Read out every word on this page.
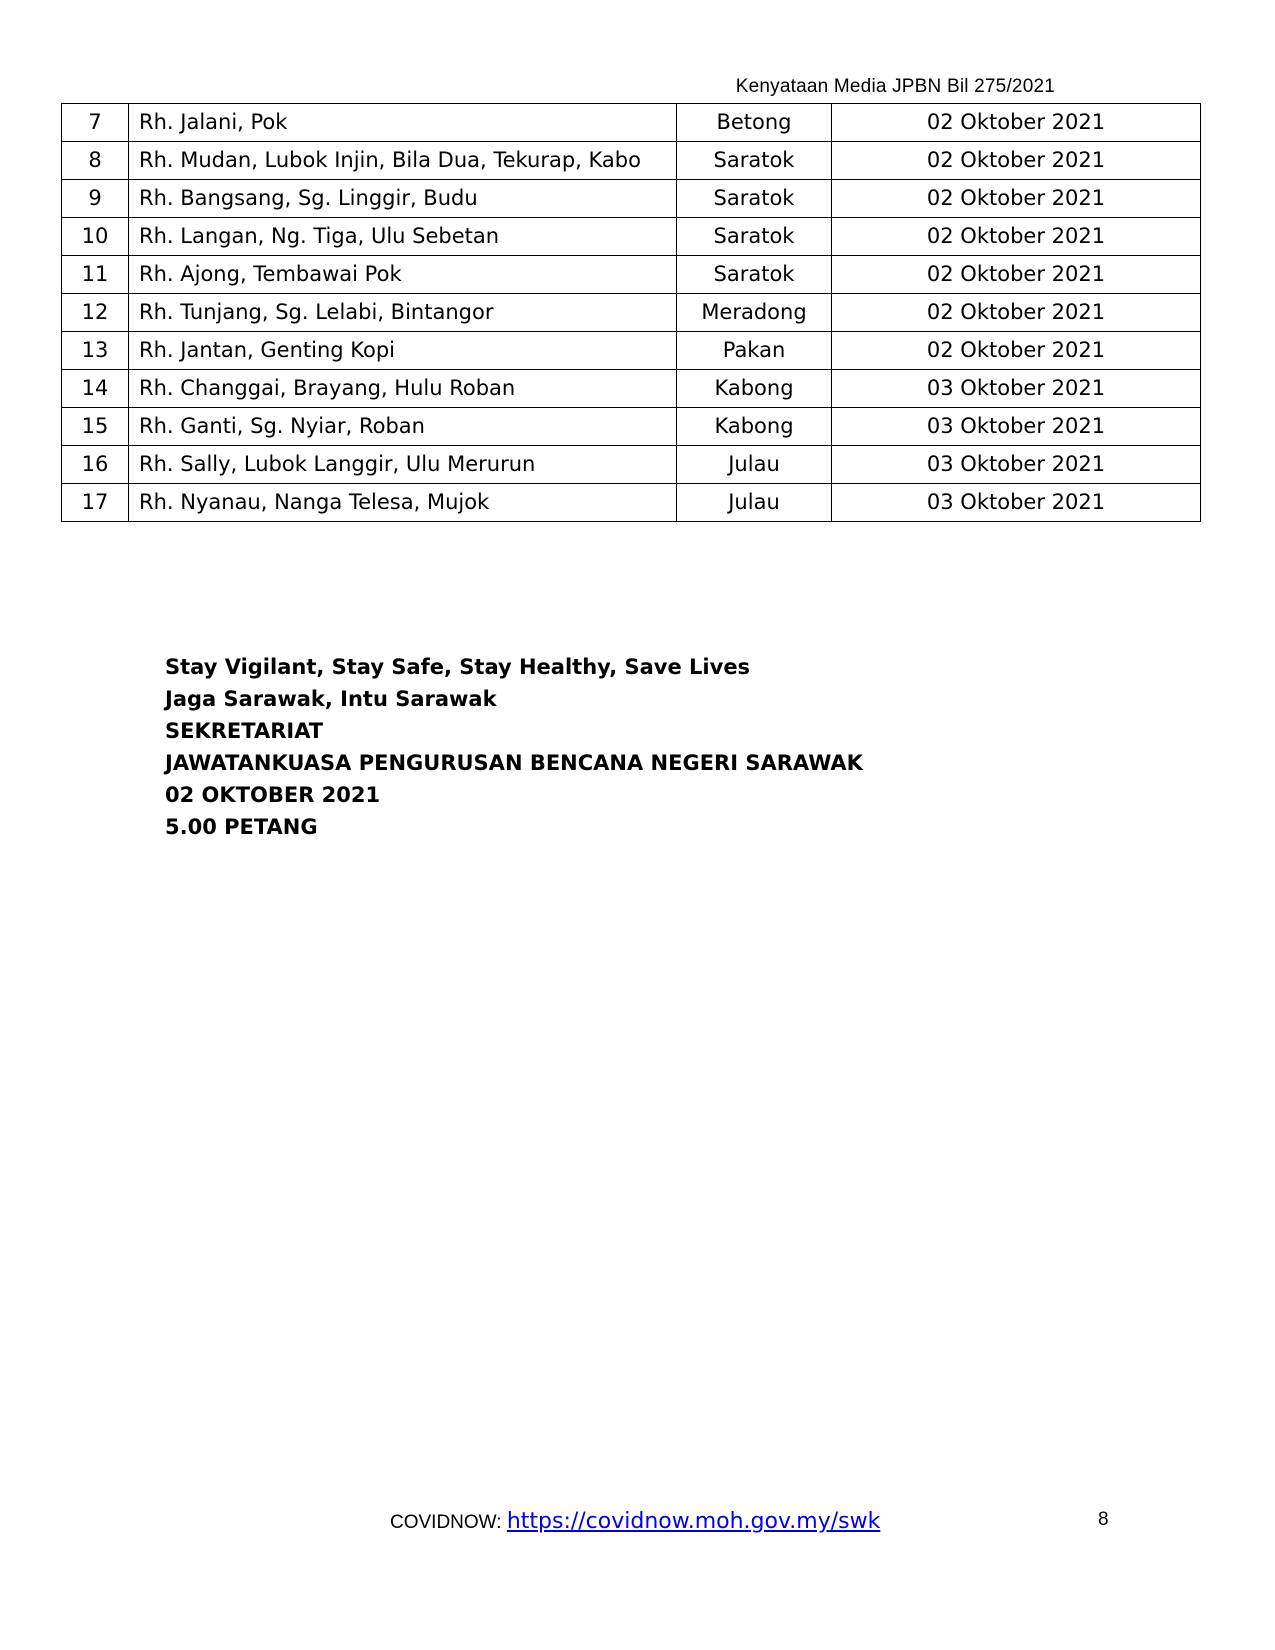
Kenyataan Media JPBN Bil 275/2021
7	Rh. Jalani, Pok	Betong	02 Oktober 2021
8	Rh. Mudan, Lubok Injin, Bila Dua, Tekurap, Kabo	Saratok	02 Oktober 2021
9	Rh. Bangsang, Sg. Linggir, Budu	Saratok	02 Oktober 2021
10	Rh. Langan, Ng. Tiga, Ulu Sebetan	Saratok	02 Oktober 2021
11	Rh. Ajong, Tembawai Pok	Saratok	02 Oktober 2021
12	Rh. Tunjang, Sg. Lelabi, Bintangor	Meradong	02 Oktober 2021
13	Rh. Jantan, Genting Kopi	Pakan	02 Oktober 2021
14	Rh. Changgai, Brayang, Hulu Roban	Kabong	03 Oktober 2021
15	Rh. Ganti, Sg. Nyiar, Roban	Kabong	03 Oktober 2021
16	Rh. Sally, Lubok Langgir, Ulu Merurun	Julau	03 Oktober 2021
17	Rh. Nyanau, Nanga Telesa, Mujok	Julau	03 Oktober 2021
Stay Vigilant, Stay Safe, Stay Healthy, Save Lives
Jaga Sarawak, Intu Sarawak
SEKRETARIAT
JAWATANKUASA PENGURUSAN BENCANA NEGERI SARAWAK
02 OKTOBER 2021
5.00 PETANG
COVIDNOW: https://covidnow.moh.gov.my/swk	8
